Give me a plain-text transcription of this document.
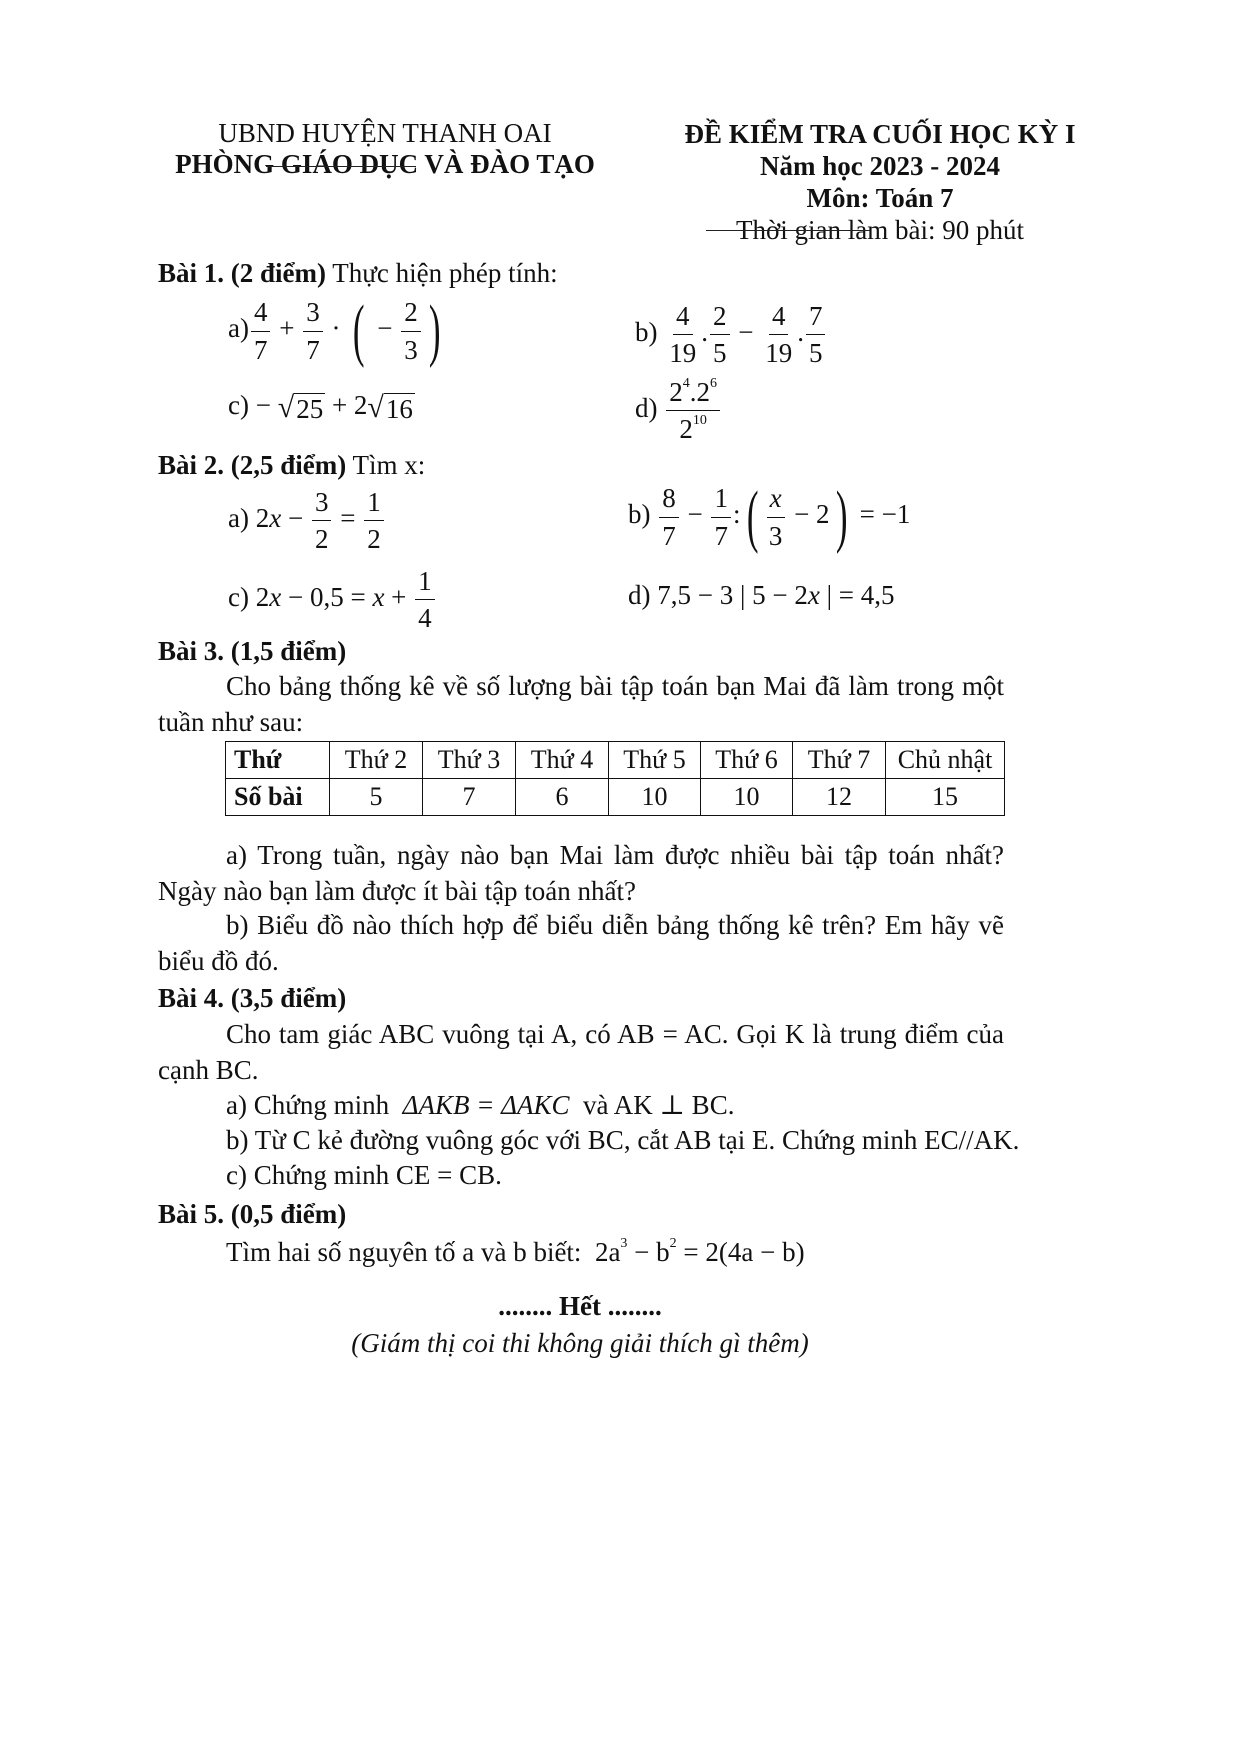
UBND HUYỆN THANH OAI
PHÒNG GIÁO DỤC VÀ ĐÀO TẠO
ĐỀ KIỂM TRA CUỐI HỌC KỲ I
Năm học 2023 - 2024
Môn: Toán 7
Thời gian làm bài: 90 phút
Bài 1. (2 điểm) Thực hiện phép tính:
$a) \frac{4}{7} + \frac{3}{7}$ · ( − $\frac{2}{3}$ )	$b) \frac{4}{19}$ . $\frac{2}{5} - \frac{4}{19}$ . $\frac{7}{5}$
c) − √ 25 + 2 √ 16	$d) \frac{2^4.2^6}{2^{10}}$
Bài 2. (2,5 điểm) Tìm x:
a) $2x - \frac{3}{2} = \frac{1}{2}$	$b) \frac{8}{7} - \frac{1}{7}$ :( $\frac{x}{3} - 2) = -1$
c) $2x - 0,5 = x + \frac{1}{4}$	d) 7,5 − 3 | 5 − 2x | = 4,5
Bài 3. (1,5 điểm)
Cho bảng thống kê về số lượng bài tập toán bạn Mai đã làm trong một tuần như sau:
Thứ	Thứ 2	Thứ 3	Thứ 4	Thứ 5	Thứ 6	Thứ 7	Chủ nhật
Số bài	5	7	6	10	10	12	15
a) Trong tuần, ngày nào bạn Mai làm được nhiều bài tập toán nhất? Ngày nào bạn làm được ít bài tập toán nhất?
b) Biểu đồ nào thích hợp để biểu diễn bảng thống kê trên? Em hãy vẽ biểu đồ đó.
Bài 4. (3,5 điểm)
Cho tam giác ABC vuông tại A, có AB = AC. Gọi K là trung điểm của cạnh BC.
a) Chứng minh  ΔAKB = ΔAKC  và AK ⊥ BC.
b) Từ C kẻ đường vuông góc với BC, cắt AB tại E. Chứng minh EC//AK.
c) Chứng minh CE = CB.
Bài 5. (0,5 điểm)
Tìm hai số nguyên tố a và b biết:  $2a^3 - b^2 = 2(4a - b)$
........ Hết ........
(Giám thị coi thi không giải thích gì thêm)
